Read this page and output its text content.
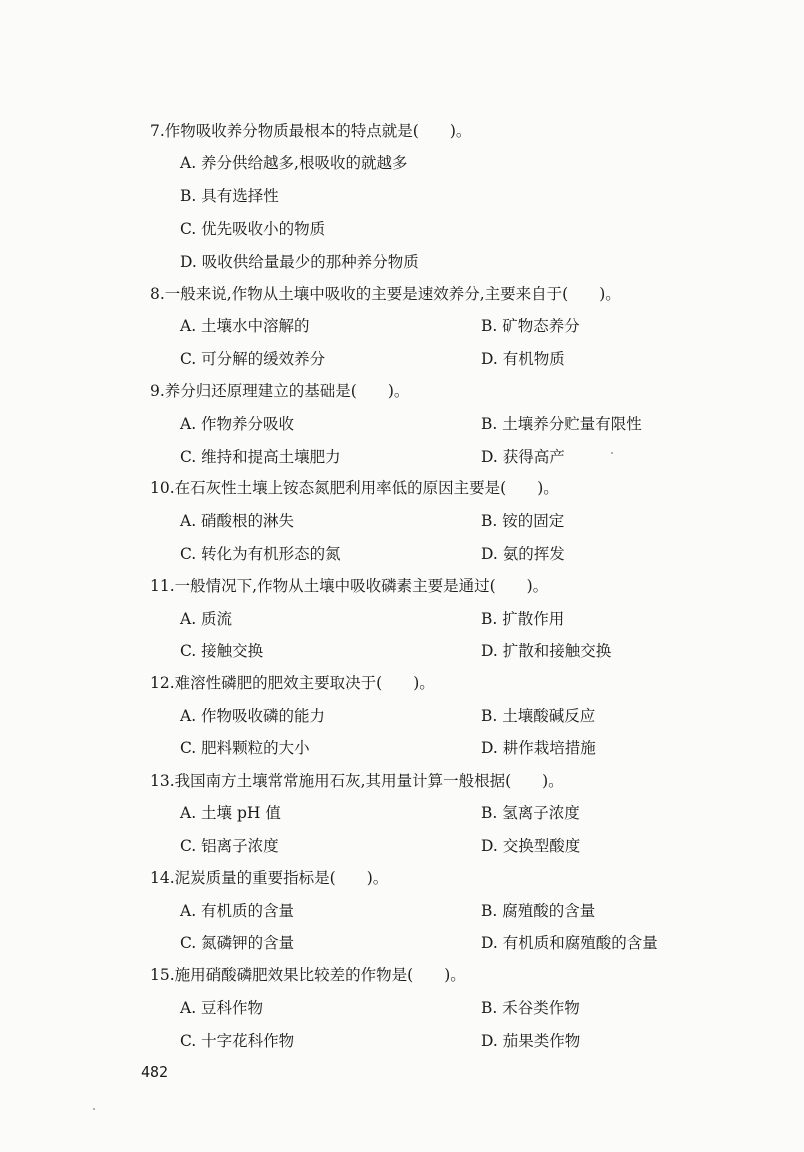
7.作物吸收养分物质最根本的特点就是(　　)。
A. 养分供给越多,根吸收的就越多
B. 具有选择性
C. 优先吸收小的物质
D. 吸收供给量最少的那种养分物质
8.一般来说,作物从土壤中吸收的主要是速效养分,主要来自于(　　)。
A. 土壤水中溶解的	B. 矿物态养分
C. 可分解的缓效养分	D. 有机物质
9.养分归还原理建立的基础是(　　)。
A. 作物养分吸收	B. 土壤养分贮量有限性
C. 维持和提高土壤肥力	D. 获得高产
10.在石灰性土壤上铵态氮肥利用率低的原因主要是(　　)。
A. 硝酸根的淋失	B. 铵的固定
C. 转化为有机形态的氮	D. 氨的挥发
11.一般情况下,作物从土壤中吸收磷素主要是通过(　　)。
A. 质流	B. 扩散作用
C. 接触交换	D. 扩散和接触交换
12.难溶性磷肥的肥效主要取决于(　　)。
A. 作物吸收磷的能力	B. 土壤酸碱反应
C. 肥料颗粒的大小	D. 耕作栽培措施
13.我国南方土壤常常施用石灰,其用量计算一般根据(　　)。
A. 土壤 pH 值	B. 氢离子浓度
C. 铝离子浓度	D. 交换型酸度
14.泥炭质量的重要指标是(　　)。
A. 有机质的含量	B. 腐殖酸的含量
C. 氮磷钾的含量	D. 有机质和腐殖酸的含量
15.施用硝酸磷肥效果比较差的作物是(　　)。
A. 豆科作物	B. 禾谷类作物
C. 十字花科作物	D. 茄果类作物
482
